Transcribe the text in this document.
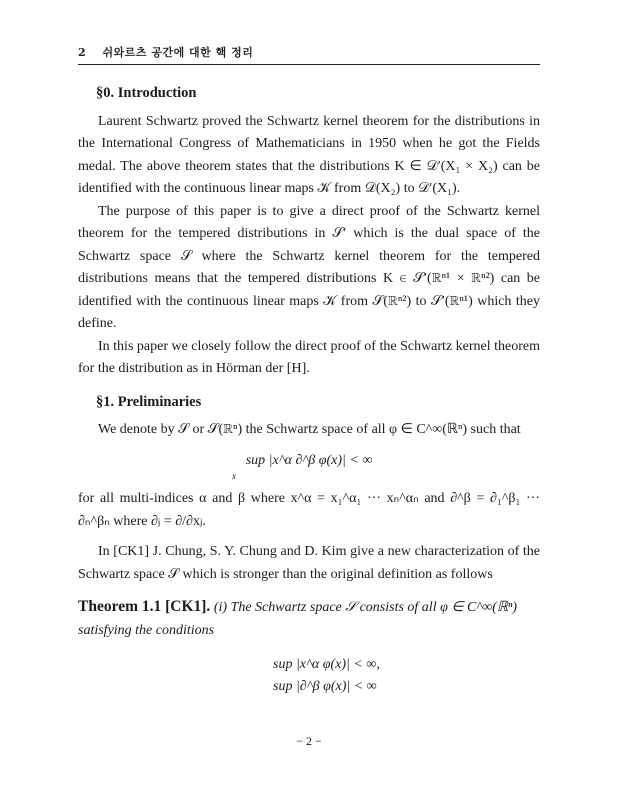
2 쉬와르츠 공간에 대한 핵 정리
§0. Introduction

Laurent Schwartz proved the Schwartz kernel theorem for the distributions in the International Congress of Mathematicians in 1950 when he got the Fields medal. The above theorem states that the distributions K ∈ 𝒟′(X₁ × X₂) can be identified with the continuous linear maps 𝒦 from 𝒟(X₂) to 𝒟′(X₁).

The purpose of this paper is to give a direct proof of the Schwartz kernel theorem for the tempered distributions in 𝒮′ which is the dual space of the Schwartz space 𝒮 where the Schwartz kernel theorem for the tempered distributions means that the tempered distributions K ∈ 𝒮′(ℝⁿ¹ × ℝⁿ²) can be identified with the continuous linear maps 𝒦 from 𝒮(ℝⁿ²) to 𝒮′(ℝⁿ¹) which they define.

In this paper we closely follow the direct proof of the Schwartz kernel theorem for the distribution as in Hörman der [H].

§1. Preliminaries

We denote by 𝒮 or 𝒮(ℝⁿ) the Schwartz space of all φ ∈ C^∞(ℝⁿ) such that

sup |x^α ∂^β φ(x)| < ∞
x

for all multi-indices α and β where x^α = x₁^α₁ ··· xₙ^αₙ and ∂^β = ∂₁^β₁ ··· ∂ₙ^βₙ where ∂ⱼ = ∂/∂xⱼ.

In [CK1] J. Chung, S. Y. Chung and D. Kim give a new characterization of the Schwartz space 𝒮 which is stronger than the original definition as follows

Theorem 1.1 [CK1]. (i) The Schwartz space 𝒮 consists of all φ ∈ C^∞(ℝⁿ) satisfying the conditions
sup |x^α φ(x)| < ∞,
sup |∂^β φ(x)| < ∞
− 2 −
